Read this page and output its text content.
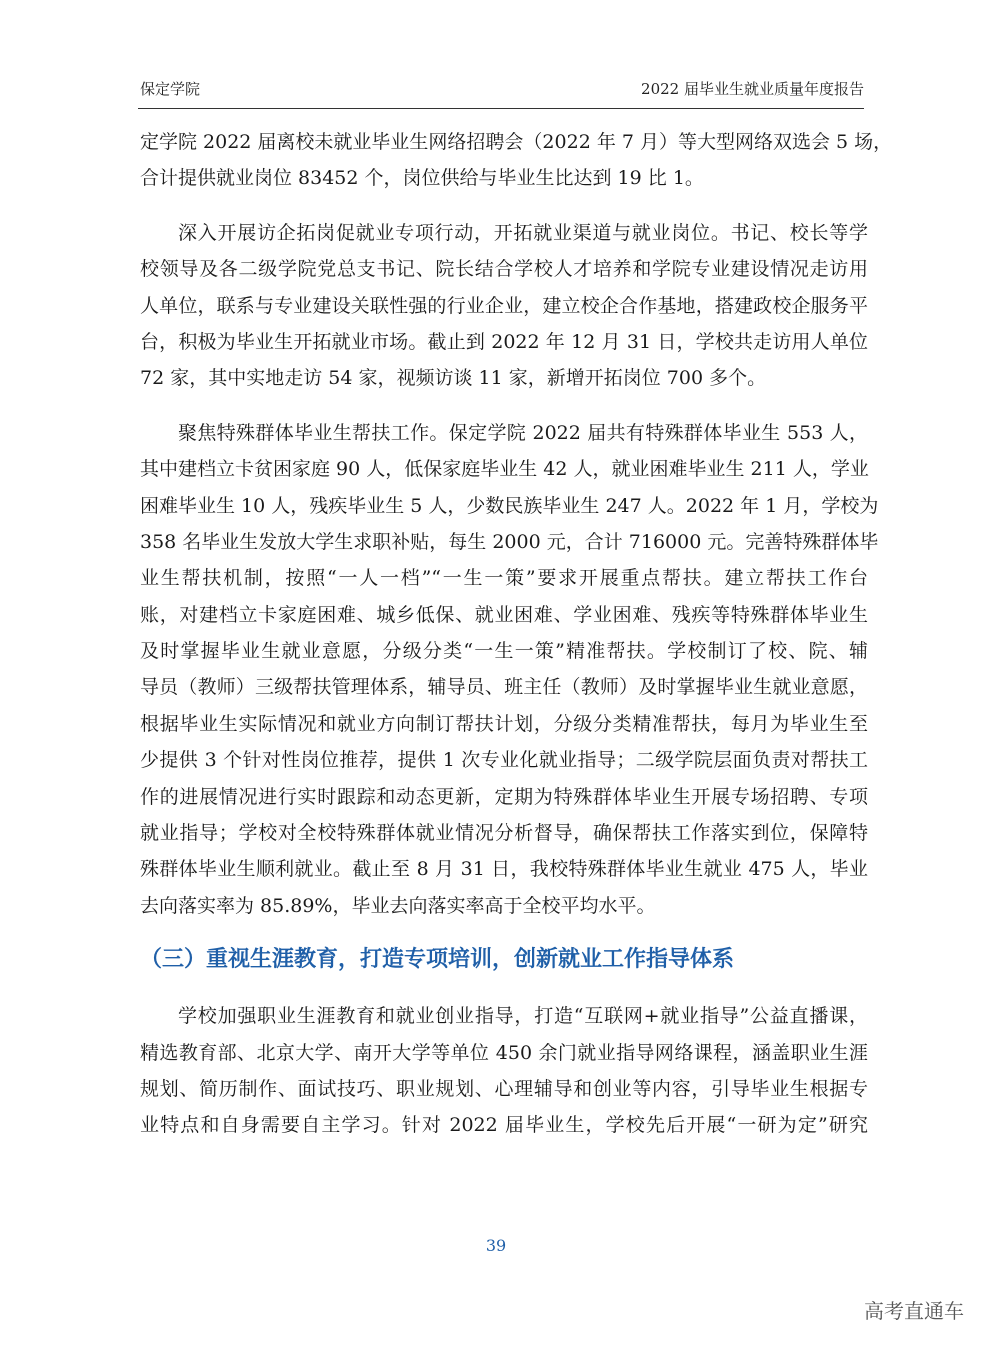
保定学院	2022 届毕业生就业质量年度报告
定学院 2022 届离校未就业毕业生网络招聘会（2022 年 7 月）等大型网络双选会 5 场，
合计提供就业岗位 83452 个，岗位供给与毕业生比达到 19 比 1。
深入开展访企拓岗促就业专项行动，开拓就业渠道与就业岗位。书记、校长等学
校领导及各二级学院党总支书记、院长结合学校人才培养和学院专业建设情况走访用
人单位，联系与专业建设关联性强的行业企业，建立校企合作基地，搭建政校企服务平
台，积极为毕业生开拓就业市场。截止到 2022 年 12 月 31 日，学校共走访用人单位
72 家，其中实地走访 54 家，视频访谈 11 家，新增开拓岗位 700 多个。
聚焦特殊群体毕业生帮扶工作。保定学院 2022 届共有特殊群体毕业生 553 人，
其中建档立卡贫困家庭 90 人，低保家庭毕业生 42 人，就业困难毕业生 211 人，学业
困难毕业生 10 人，残疾毕业生 5 人，少数民族毕业生 247 人。2022 年 1 月，学校为
358 名毕业生发放大学生求职补贴，每生 2000 元，合计 716000 元。完善特殊群体毕
业生帮扶机制，按照“一人一档”“一生一策”要求开展重点帮扶。建立帮扶工作台
账，对建档立卡家庭困难、城乡低保、就业困难、学业困难、残疾等特殊群体毕业生
及时掌握毕业生就业意愿，分级分类“一生一策”精准帮扶。学校制订了校、院、辅
导员（教师）三级帮扶管理体系，辅导员、班主任（教师）及时掌握毕业生就业意愿，
根据毕业生实际情况和就业方向制订帮扶计划，分级分类精准帮扶，每月为毕业生至
少提供 3 个针对性岗位推荐，提供 1 次专业化就业指导；二级学院层面负责对帮扶工
作的进展情况进行实时跟踪和动态更新，定期为特殊群体毕业生开展专场招聘、专项
就业指导；学校对全校特殊群体就业情况分析督导，确保帮扶工作落实到位，保障特
殊群体毕业生顺利就业。截止至 8 月 31 日，我校特殊群体毕业生就业 475 人，毕业
去向落实率为 85.89%，毕业去向落实率高于全校平均水平。
（三）重视生涯教育，打造专项培训，创新就业工作指导体系
学校加强职业生涯教育和就业创业指导，打造“互联网+就业指导”公益直播课，
精选教育部、北京大学、南开大学等单位 450 余门就业指导网络课程，涵盖职业生涯
规划、简历制作、面试技巧、职业规划、心理辅导和创业等内容，引导毕业生根据专
业特点和自身需要自主学习。针对 2022 届毕业生，学校先后开展“一研为定”研究
39
高考直通车
